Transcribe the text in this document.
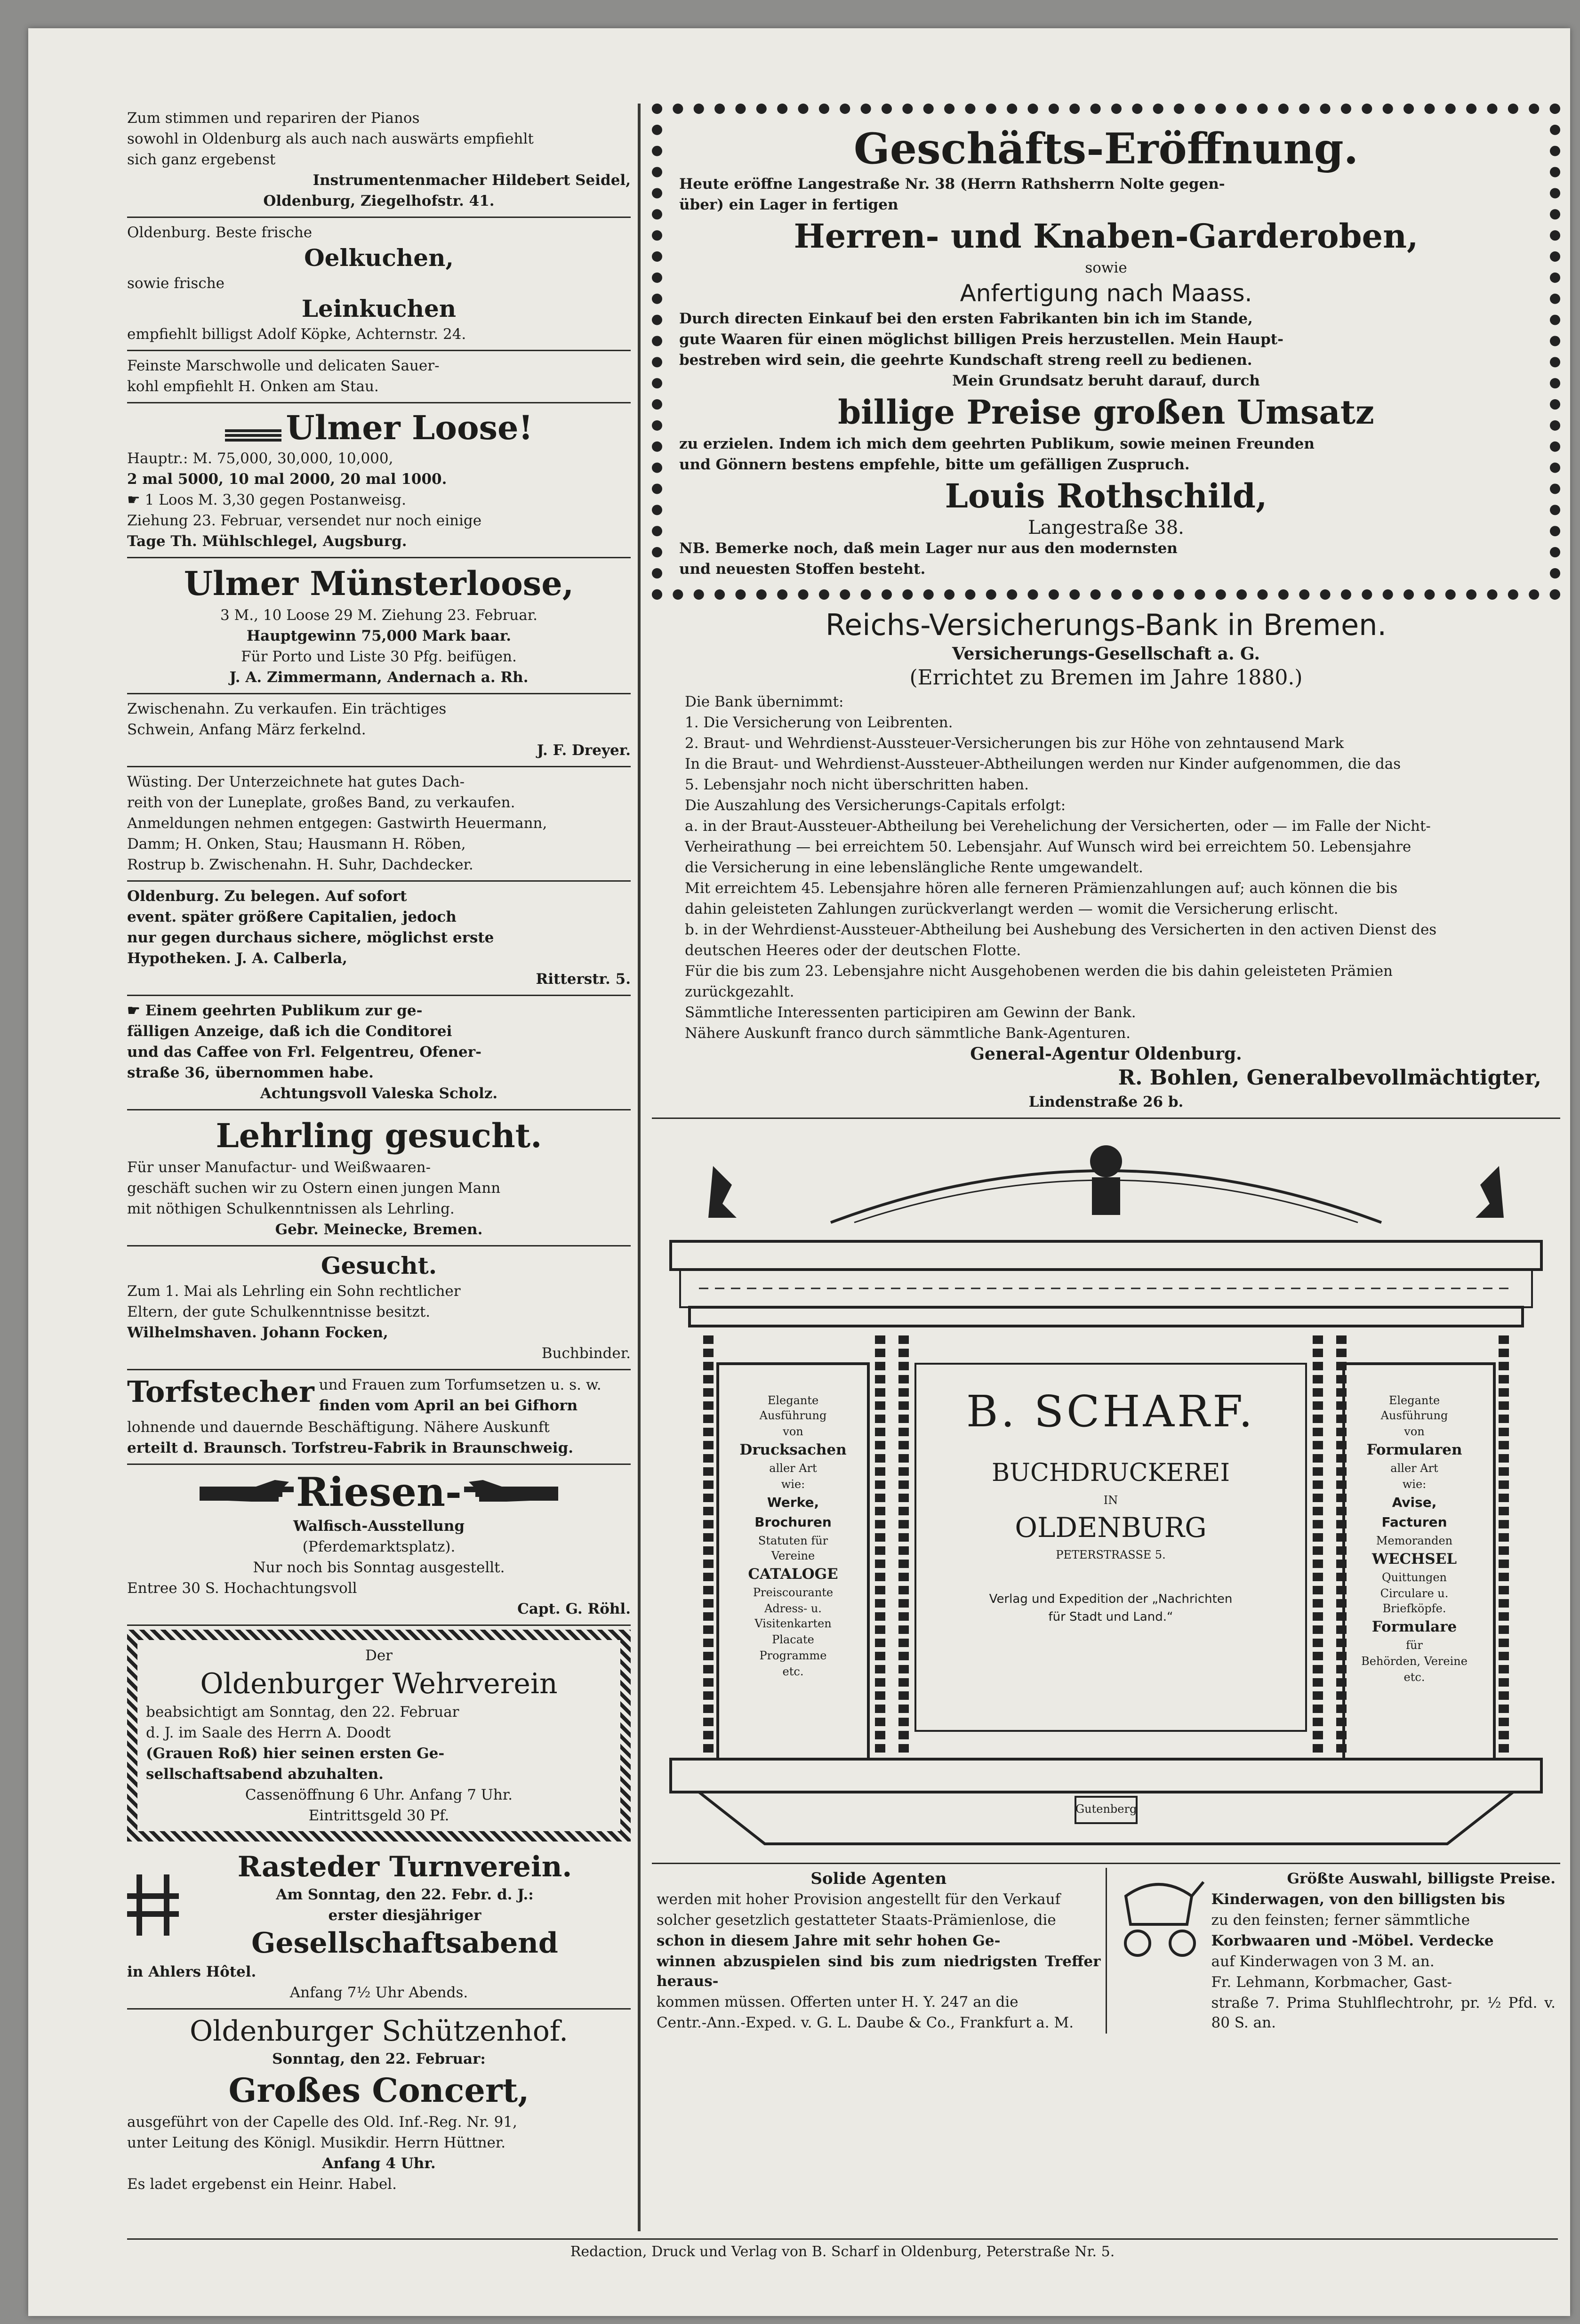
Zum stimmen und repariren der Pianos

sowohl in Oldenburg als auch nach auswärts empfiehlt

sich ganz ergebenst

Instrumentenmacher Hildebert Seidel,

Oldenburg, Ziegelhofstr. 41.

Oldenburg. Beste frische

Oelkuchen,

sowie frische

Leinkuchen

empfiehlt billigst Adolf Köpke, Achternstr. 24.

Feinste Marschwolle und delicaten Sauer-

kohl empfiehlt H. Onken am Stau.

Ulmer Loose!

Hauptr.: M. 75,000, 30,000, 10,000,

2 mal 5000, 10 mal 2000, 20 mal 1000.

☛ 1 Loos M. 3,30 gegen Postanweisg.

Ziehung 23. Februar, versendet nur noch einige

Tage Th. Mühlschlegel, Augsburg.

Ulmer Münsterloose,

3 M., 10 Loose 29 M. Ziehung 23. Februar.

Hauptgewinn 75,000 Mark baar.

Für Porto und Liste 30 Pfg. beifügen.

J. A. Zimmermann, Andernach a. Rh.

Zwischenahn. Zu verkaufen. Ein trächtiges

Schwein, Anfang März ferkelnd.

J. F. Dreyer.

Wüsting. Der Unterzeichnete hat gutes Dach-

reith von der Luneplate, großes Band, zu verkaufen.

Anmeldungen nehmen entgegen: Gastwirth Heuermann,

Damm; H. Onken, Stau; Hausmann H. Röben,

Rostrup b. Zwischenahn. H. Suhr, Dachdecker.

Oldenburg. Zu belegen. Auf sofort

event. später größere Capitalien, jedoch

nur gegen durchaus sichere, möglichst erste

Hypotheken. J. A. Calberla,

Ritterstr. 5.

☛ Einem geehrten Publikum zur ge-

fälligen Anzeige, daß ich die Conditorei

und das Caffee von Frl. Felgentreu, Ofener-

straße 36, übernommen habe.

Achtungsvoll Valeska Scholz.

Lehrling gesucht.

Für unser Manufactur- und Weißwaaren-

geschäft suchen wir zu Ostern einen jungen Mann

mit nöthigen Schulkenntnissen als Lehrling.

Gebr. Meinecke, Bremen.

Gesucht.

Zum 1. Mai als Lehrling ein Sohn rechtlicher

Eltern, der gute Schulkenntnisse besitzt.

Wilhelmshaven. Johann Focken,

Buchbinder.

Torfstecher und Frauen zum Torfumsetzen u. s. w.

finden vom April an bei Gifhorn

lohnende und dauernde Beschäftigung. Nähere Auskunft

erteilt d. Braunsch. Torfstreu-Fabrik in Braunschweig.

Riesen-

Walfisch-Ausstellung

(Pferdemarktsplatz).

Nur noch bis Sonntag ausgestellt.

Entree 30 S. Hochachtungsvoll

Capt. G. Röhl.

Der

Oldenburger Wehrverein

beabsichtigt am Sonntag, den 22. Februar

d. J. im Saale des Herrn A. Doodt

(Grauen Roß) hier seinen ersten Ge-

sellschaftsabend abzuhalten.

Cassenöffnung 6 Uhr. Anfang 7 Uhr.

Eintrittsgeld 30 Pf.

Rasteder Turnverein.

Am Sonntag, den 22. Febr. d. J.:

erster diesjähriger

Gesellschaftsabend

in Ahlers Hôtel.

Anfang 7½ Uhr Abends.

Oldenburger Schützenhof.

Sonntag, den 22. Februar:

Großes Concert,

ausgeführt von der Capelle des Old. Inf.-Reg. Nr. 91,

unter Leitung des Königl. Musikdir. Herrn Hüttner.

Anfang 4 Uhr.

Es ladet ergebenst ein Heinr. Habel.

Geschäfts-Eröffnung.

Heute eröffne Langestraße Nr. 38 (Herrn Rathsherrn Nolte gegen-

über) ein Lager in fertigen

Herren- und Knaben-Garderoben,

sowie

Anfertigung nach Maass.

Durch directen Einkauf bei den ersten Fabrikanten bin ich im Stande,

gute Waaren für einen möglichst billigen Preis herzustellen. Mein Haupt-

bestreben wird sein, die geehrte Kundschaft streng reell zu bedienen.

Mein Grundsatz beruht darauf, durch

billige Preise großen Umsatz

zu erzielen. Indem ich mich dem geehrten Publikum, sowie meinen Freunden

und Gönnern bestens empfehle, bitte um gefälligen Zuspruch.

Louis Rothschild,

Langestraße 38.

NB. Bemerke noch, daß mein Lager nur aus den modernsten

und neuesten Stoffen besteht.

Reichs-Versicherungs-Bank in Bremen.

Versicherungs-Gesellschaft a. G.

(Errichtet zu Bremen im Jahre 1880.)

Die Bank übernimmt:

1. Die Versicherung von Leibrenten.

2. Braut- und Wehrdienst-Aussteuer-Versicherungen bis zur Höhe von zehntausend Mark

In die Braut- und Wehrdienst-Aussteuer-Abtheilungen werden nur Kinder aufgenommen, die das

5. Lebensjahr noch nicht überschritten haben.

Die Auszahlung des Versicherungs-Capitals erfolgt:

a. in der Braut-Aussteuer-Abtheilung bei Verehelichung der Versicherten, oder — im Falle der Nicht-

Verheirathung — bei erreichtem 50. Lebensjahr. Auf Wunsch wird bei erreichtem 50. Lebensjahre

die Versicherung in eine lebenslängliche Rente umgewandelt.

Mit erreichtem 45. Lebensjahre hören alle ferneren Prämienzahlungen auf; auch können die bis

dahin geleisteten Zahlungen zurückverlangt werden — womit die Versicherung erlischt.

b. in der Wehrdienst-Aussteuer-Abtheilung bei Aushebung des Versicherten in den activen Dienst des

deutschen Heeres oder der deutschen Flotte.

Für die bis zum 23. Lebensjahre nicht Ausgehobenen werden die bis dahin geleisteten Prämien

zurückgezahlt.

Sämmtliche Interessenten participiren am Gewinn der Bank.

Nähere Auskunft franco durch sämmtliche Bank-Agenturen.

General-Agentur Oldenburg.

R. Bohlen, Generalbevollmächtigter,

Lindenstraße 26 b.

Elegante Ausführung

von

Drucksachen

aller Art

wie:

Werke, Brochuren

Statuten für Vereine

CATALOGE

Preiscourante

Adress- u. Visitenkarten

Placate

Programme

etc.

B. SCHARF.

BUCHDRUCKEREI

IN

OLDENBURG

PETERSTRASSE 5.

Verlag und Expedition der „Nachrichten

für Stadt und Land.“

Gutenberg

Elegante Ausführung

von

Formularen

aller Art

wie:

Avise, Facturen

Memoranden

WECHSEL

Quittungen

Circulare u. Briefköpfe.

Formulare

für

Behörden, Vereine

etc.

Solide Agenten

werden mit hoher Provision angestellt für den Verkauf

solcher gesetzlich gestatteter Staats-Prämienlose, die

schon in diesem Jahre mit sehr hohen Ge-

winnen abzuspielen sind bis zum niedrigsten Treffer heraus-

kommen müssen. Offerten unter H. Y. 247 an die

Centr.-Ann.-Exped. v. G. L. Daube & Co., Frankfurt a. M.

Größte Auswahl, billigste Preise.

Kinderwagen, von den billigsten bis

zu den feinsten; ferner sämmtliche

Korbwaaren und -Möbel. Verdecke

auf Kinderwagen von 3 M. an.

Fr. Lehmann, Korbmacher, Gast-

straße 7. Prima Stuhlflechtrohr, pr. ½ Pfd. v. 80 S. an.

Redaction, Druck und Verlag von B. Scharf in Oldenburg, Peterstraße Nr. 5.
